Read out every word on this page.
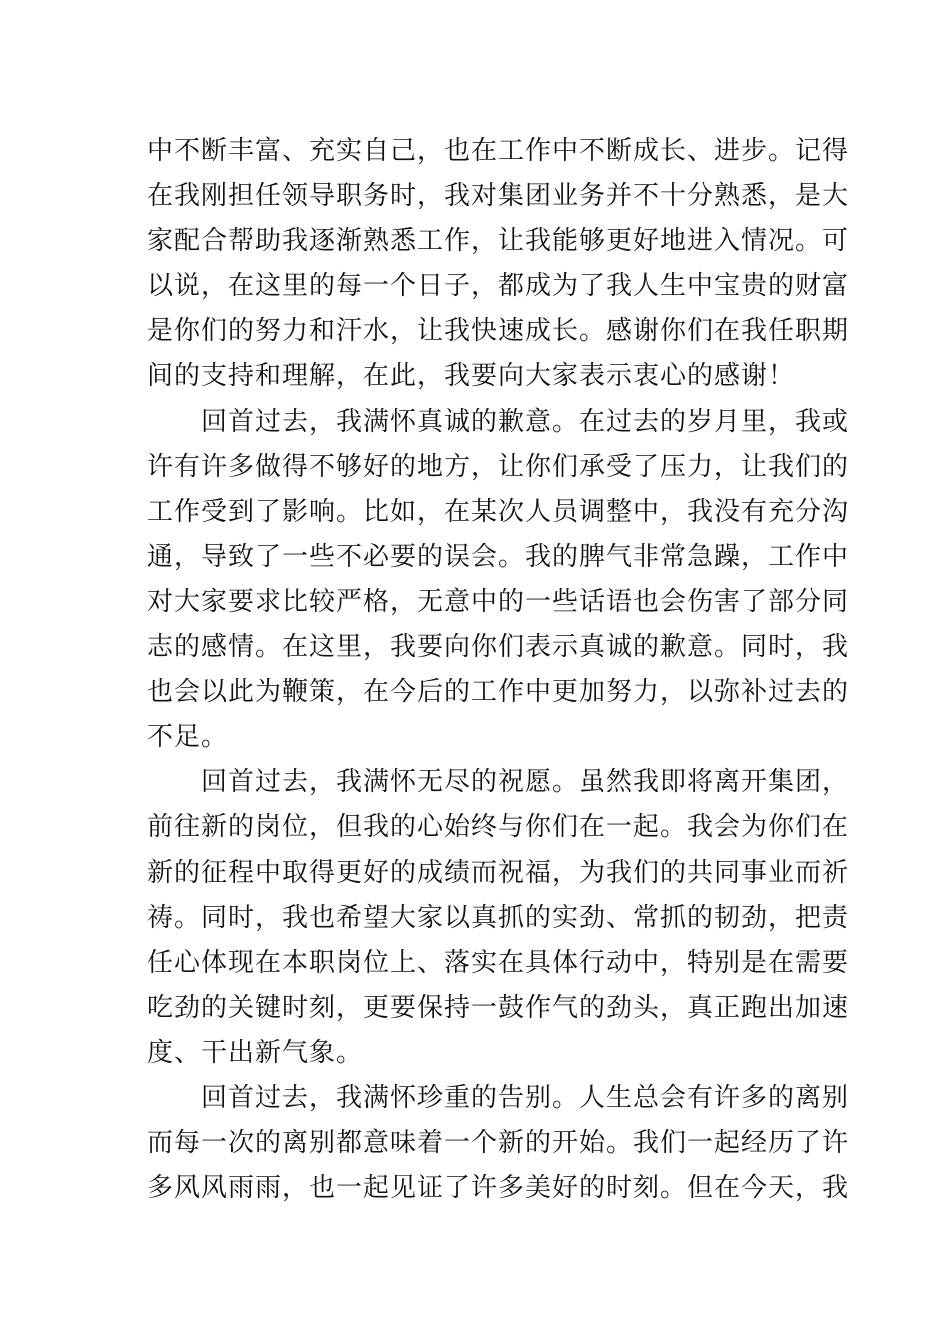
中不断丰富、充实自己，也在工作中不断成长、进步。记得
在我刚担任领导职务时，我对集团业务并不十分熟悉，是大
家配合帮助我逐渐熟悉工作，让我能够更好地进入情况。可
以说，在这里的每一个日子，都成为了我人生中宝贵的财富
是你们的努力和汗水，让我快速成长。感谢你们在我任职期
间的支持和理解，在此，我要向大家表示衷心的感谢！
　　回首过去，我满怀真诚的歉意。在过去的岁月里，我或
许有许多做得不够好的地方，让你们承受了压力，让我们的
工作受到了影响。比如，在某次人员调整中，我没有充分沟
通，导致了一些不必要的误会。我的脾气非常急躁，工作中
对大家要求比较严格，无意中的一些话语也会伤害了部分同
志的感情。在这里，我要向你们表示真诚的歉意。同时，我
也会以此为鞭策，在今后的工作中更加努力，以弥补过去的
不足。
　　回首过去，我满怀无尽的祝愿。虽然我即将离开集团，
前往新的岗位，但我的心始终与你们在一起。我会为你们在
新的征程中取得更好的成绩而祝福，为我们的共同事业而祈
祷。同时，我也希望大家以真抓的实劲、常抓的韧劲，把责
任心体现在本职岗位上、落实在具体行动中，特别是在需要
吃劲的关键时刻，更要保持一鼓作气的劲头，真正跑出加速
度、干出新气象。
　　回首过去，我满怀珍重的告别。人生总会有许多的离别
而每一次的离别都意味着一个新的开始。我们一起经历了许
多风风雨雨，也一起见证了许多美好的时刻。但在今天，我
